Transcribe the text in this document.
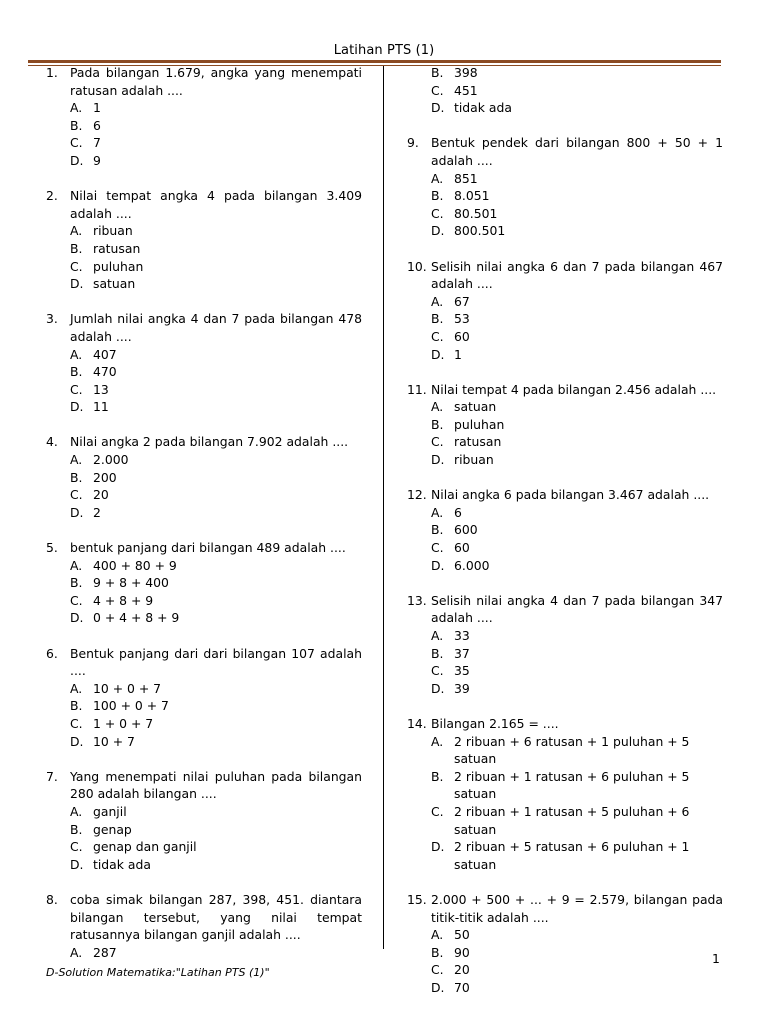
Latihan PTS (1)
1. Pada bilangan 1.679, angka yang menempati ratusan adalah ....
A. 1
B. 6
C. 7
D. 9
2. Nilai tempat angka 4 pada bilangan 3.409 adalah ....
A. ribuan
B. ratusan
C. puluhan
D. satuan
3. Jumlah nilai angka 4 dan 7 pada bilangan 478 adalah ....
A. 407
B. 470
C. 13
D. 11
4. Nilai angka 2 pada bilangan 7.902 adalah ....
A. 2.000
B. 200
C. 20
D. 2
5. bentuk panjang dari bilangan 489 adalah ....
A. 400 + 80 + 9
B. 9 + 8 + 400
C. 4 + 8 + 9
D. 0 + 4 + 8 + 9
6. Bentuk panjang dari dari bilangan 107 adalah ....
A. 10 + 0 + 7
B. 100 + 0 + 7
C. 1 + 0 + 7
D. 10 + 7
7. Yang menempati nilai puluhan pada bilangan 280 adalah bilangan ....
A. ganjil
B. genap
C. genap dan ganjil
D. tidak ada
8. coba simak bilangan 287, 398, 451. diantara bilangan tersebut, yang nilai tempat ratusannya bilangan ganjil adalah ....
A. 287
B. 398
C. 451
D. tidak ada
9. Bentuk pendek dari bilangan 800 + 50 + 1 adalah ....
A. 851
B. 8.051
C. 80.501
D. 800.501
10. Selisih nilai angka 6 dan 7 pada bilangan 467 adalah ....
A. 67
B. 53
C. 60
D. 1
11. Nilai tempat 4 pada bilangan 2.456 adalah ....
A. satuan
B. puluhan
C. ratusan
D. ribuan
12. Nilai angka 6 pada bilangan 3.467 adalah ....
A. 6
B. 600
C. 60
D. 6.000
13. Selisih nilai angka 4 dan 7 pada bilangan 347 adalah ....
A. 33
B. 37
C. 35
D. 39
14. Bilangan 2.165 = ....
A. 2 ribuan + 6 ratusan + 1 puluhan + 5 satuan
B. 2 ribuan + 1 ratusan + 6 puluhan + 5 satuan
C. 2 ribuan + 1 ratusan + 5 puluhan + 6 satuan
D. 2 ribuan + 5 ratusan + 6 puluhan + 1 satuan
15. 2.000 + 500 + ... + 9 = 2.579, bilangan pada titik-titik adalah ....
A. 50
B. 90
C. 20
D. 70
1
D-Solution Matematika:"Latihan PTS (1)"
